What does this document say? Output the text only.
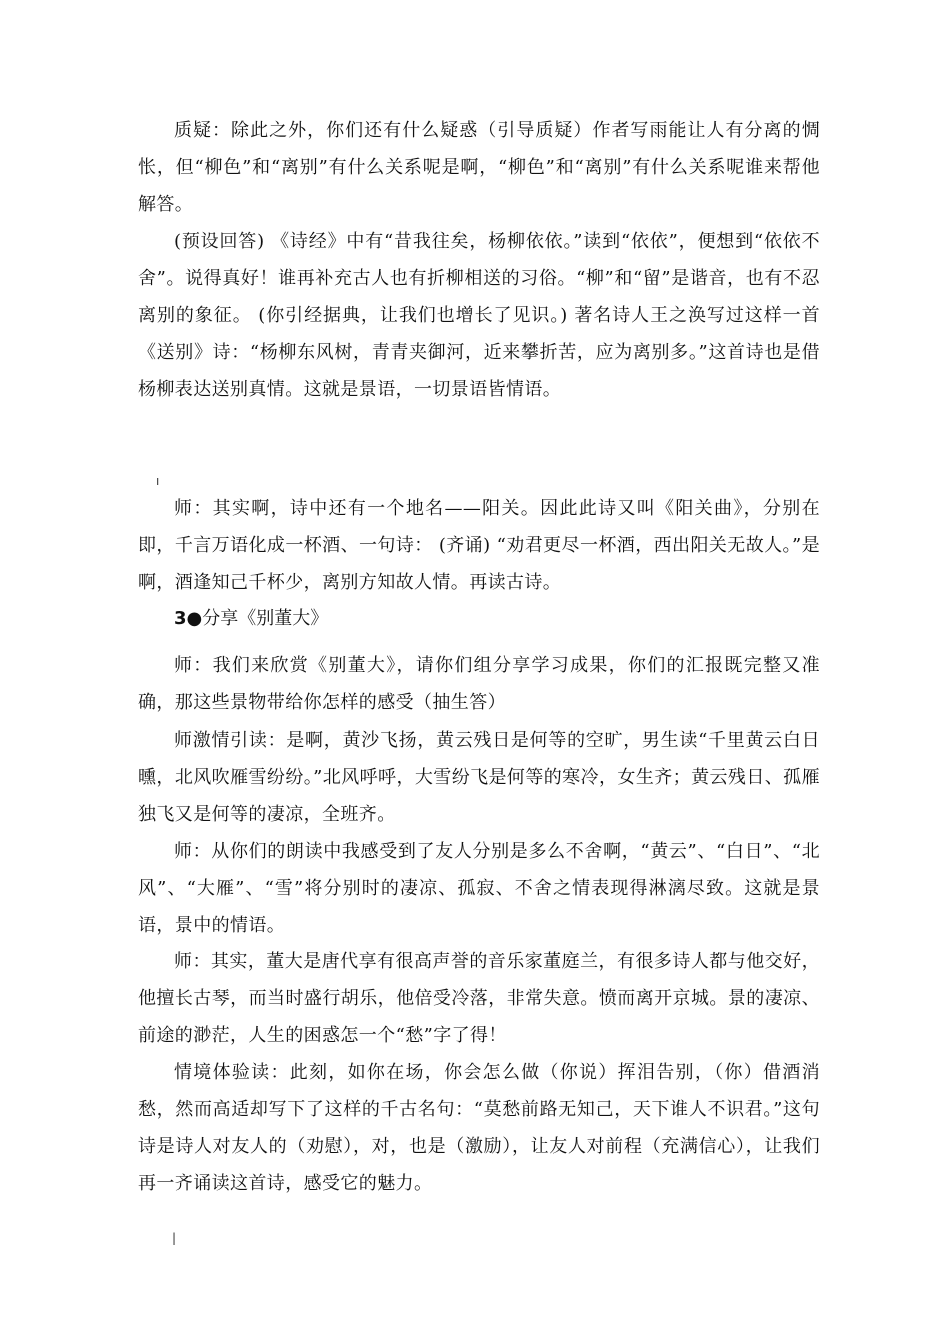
质疑：除此之外，你们还有什么疑惑（引导质疑）作者写雨能让人有分离的惆怅，但“柳色”和“离别”有什么关系呢是啊，“柳色”和“离别”有什么关系呢谁来帮他解答。

(预设回答) 《诗经》中有“昔我往矣，杨柳依依。”读到“依依”，便想到“依依不舍”。说得真好！谁再补充古人也有折柳相送的习俗。“柳”和“留”是谐音，也有不忍离别的象征。 (你引经据典，让我们也增长了见识。) 著名诗人王之涣写过这样一首《送别》诗：“杨柳东风树，青青夹御河，近来攀折苦，应为离别多。”这首诗也是借杨柳表达送别真情。这就是景语，一切景语皆情语。

ı

师：其实啊，诗中还有一个地名——阳关。因此此诗又叫《阳关曲》，分别在即，千言万语化成一杯酒、一句诗： (齐诵) “劝君更尽一杯酒，西出阳关无故人。”是啊，酒逢知己千杯少，离别方知故人情。再读古诗。

3●分享《别董大》

师：我们来欣赏《别董大》，请你们组分享学习成果，你们的汇报既完整又准确，那这些景物带给你怎样的感受（抽生答）

师激情引读：是啊，黄沙飞扬，黄云残日是何等的空旷，男生读“千里黄云白日曛，北风吹雁雪纷纷。”北风呼呼，大雪纷飞是何等的寒冷，女生齐；黄云残日、孤雁独飞又是何等的凄凉，全班齐。

师：从你们的朗读中我感受到了友人分别是多么不舍啊，“黄云”、“白日”、“北风”、“大雁”、“雪”将分别时的凄凉、孤寂、不舍之情表现得淋漓尽致。这就是景语，景中的情语。

师：其实，董大是唐代享有很高声誉的音乐家董庭兰，有很多诗人都与他交好，他擅长古琴，而当时盛行胡乐，他倍受冷落，非常失意。愤而离开京城。景的凄凉、前途的渺茫，人生的困惑怎一个“愁”字了得！

情境体验读：此刻，如你在场，你会怎么做（你说）挥泪告别，（你）借酒消愁，然而高适却写下了这样的千古名句：“莫愁前路无知己，天下谁人不识君。”这句诗是诗人对友人的（劝慰），对，也是（激励），让友人对前程（充满信心），让我们再一齐诵读这首诗，感受它的魅力。

|
